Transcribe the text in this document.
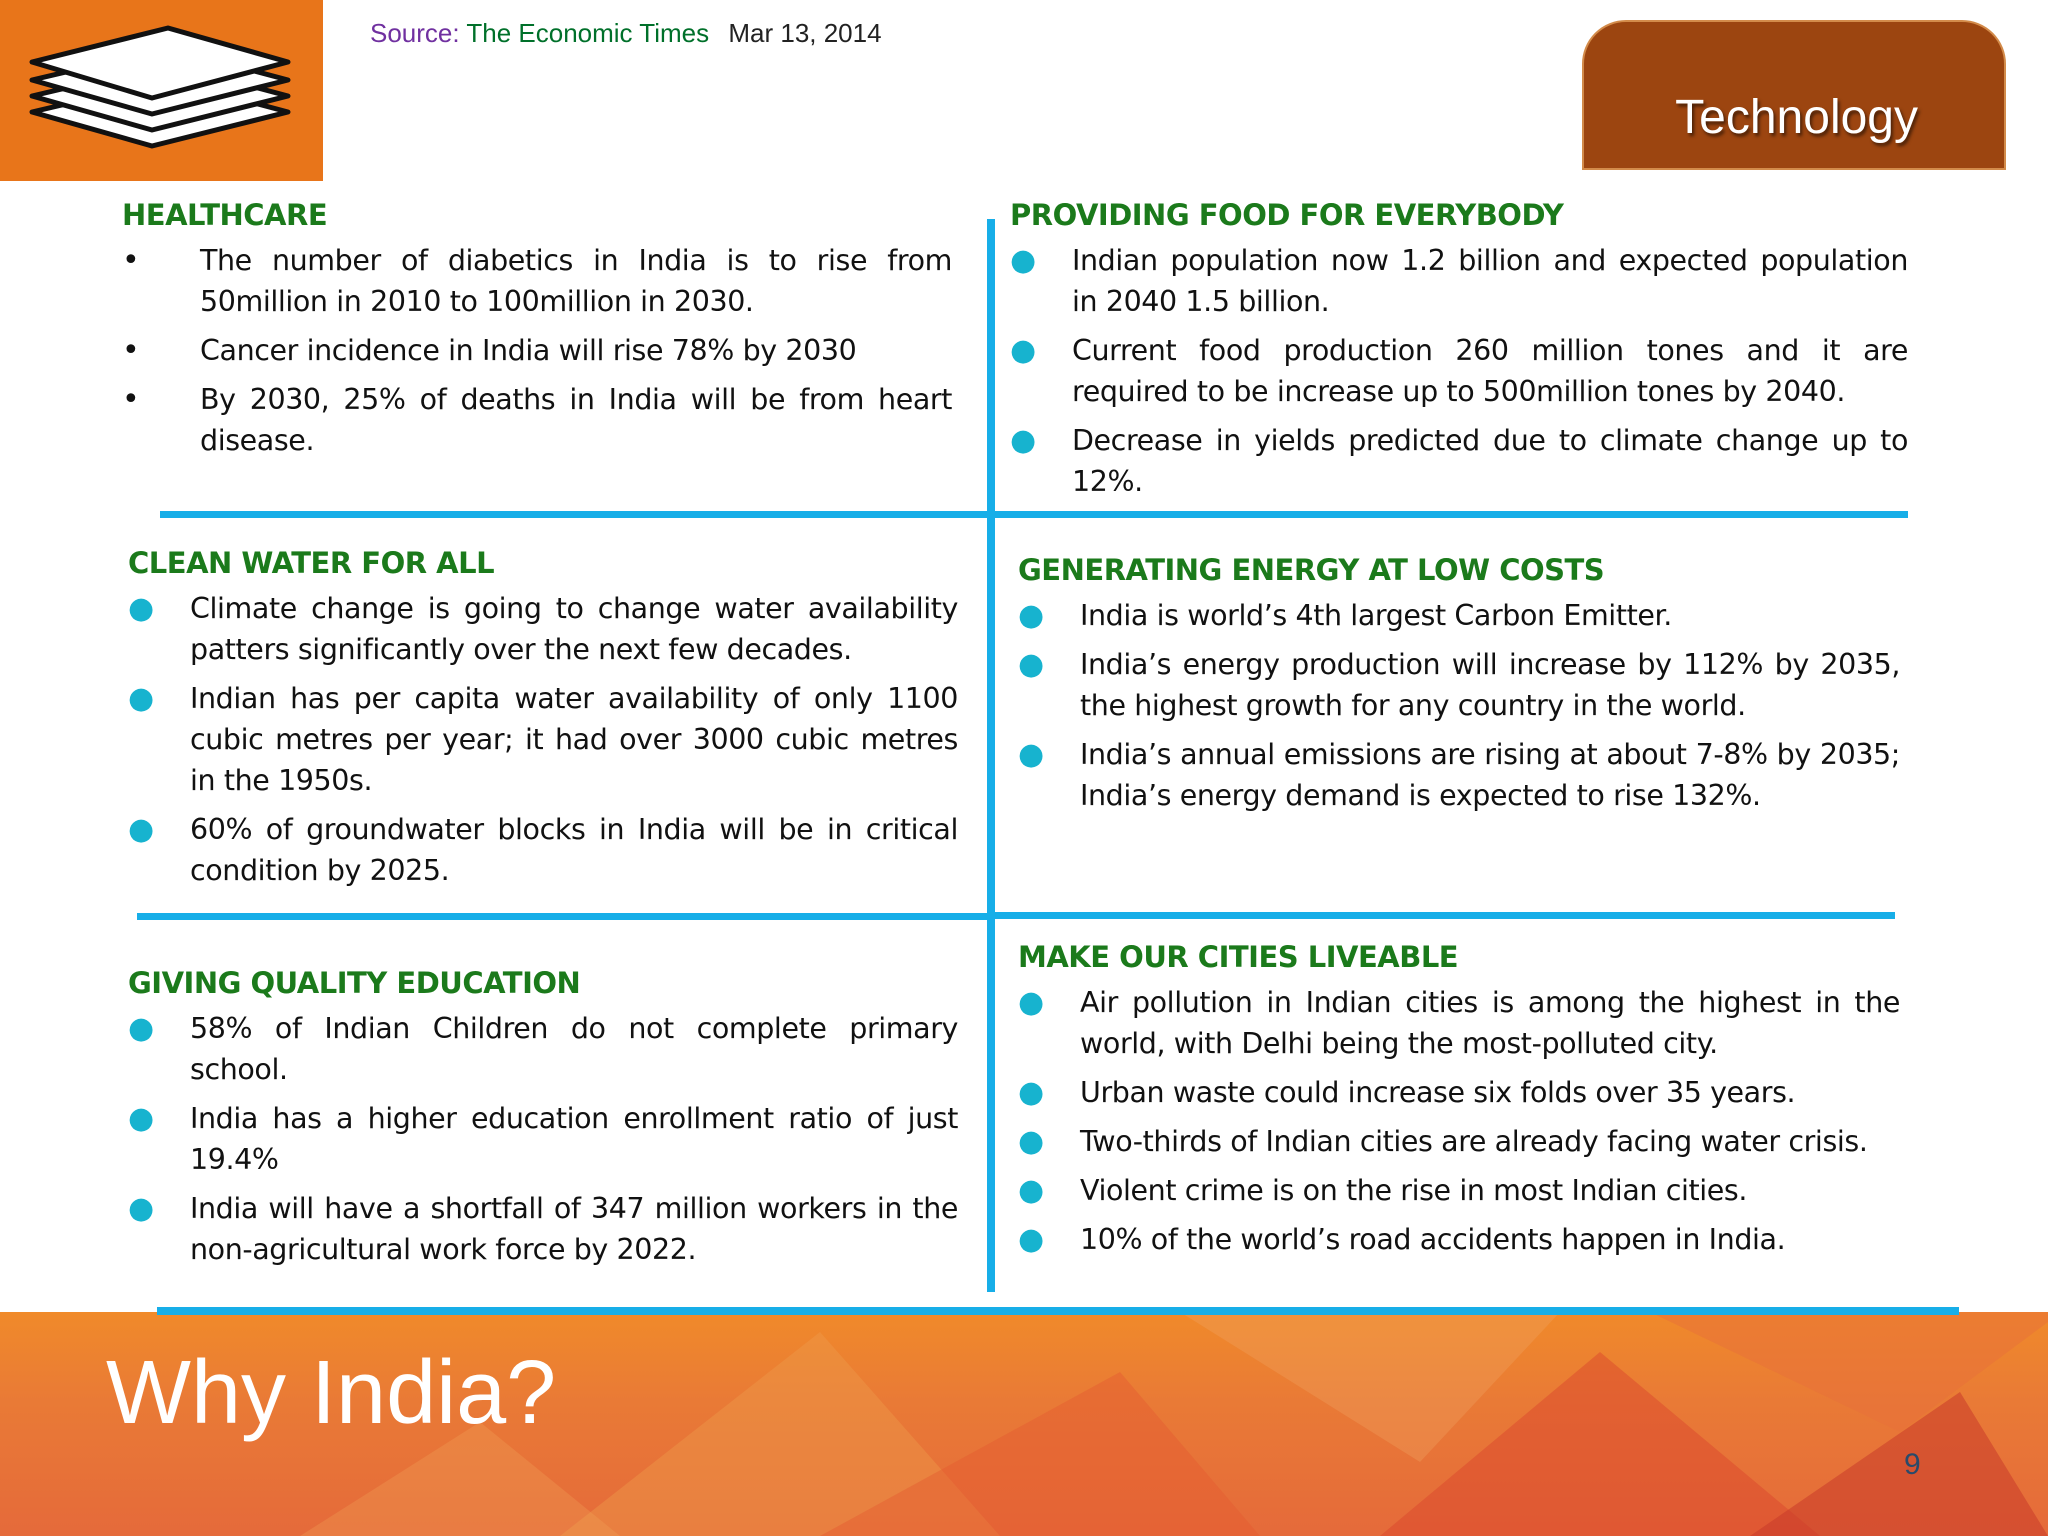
Source: The Economic Times Mar 13, 2014
Technology
HEALTHCARE
• The number of diabetics in India is to rise from 50million in 2010 to 100million in 2030.
• Cancer incidence in India will rise 78% by 2030
• By 2030, 25% of deaths in India will be from heart disease.
PROVIDING FOOD FOR EVERYBODY
● Indian population now 1.2 billion and expected population in 2040 1.5 billion.
● Current food production 260 million tones and it are required to be increase up to 500million tones by 2040.
● Decrease in yields predicted due to climate change up to 12%.
CLEAN WATER FOR ALL
● Climate change is going to change water availability patters significantly over the next few decades.
● Indian has per capita water availability of only 1100 cubic metres per year; it had over 3000 cubic metres in the 1950s.
● 60% of groundwater blocks in India will be in critical condition by 2025.
GENERATING ENERGY AT LOW COSTS
● India is world’s 4th largest Carbon Emitter.
● India’s energy production will increase by 112% by 2035, the highest growth for any country in the world.
● India’s annual emissions are rising at about 7-8% by 2035; India’s energy demand is expected to rise 132%.
GIVING QUALITY EDUCATION
● 58% of Indian Children do not complete primary school.
● India has a higher education enrollment ratio of just 19.4%
● India will have a shortfall of 347 million workers in the non-agricultural work force by 2022.
MAKE OUR CITIES LIVEABLE
● Air pollution in Indian cities is among the highest in the world, with Delhi being the most-polluted city.
● Urban waste could increase six folds over 35 years.
● Two-thirds of Indian cities are already facing water crisis.
● Violent crime is on the rise in most Indian cities.
● 10% of the world’s road accidents happen in India.
Why India?
9
